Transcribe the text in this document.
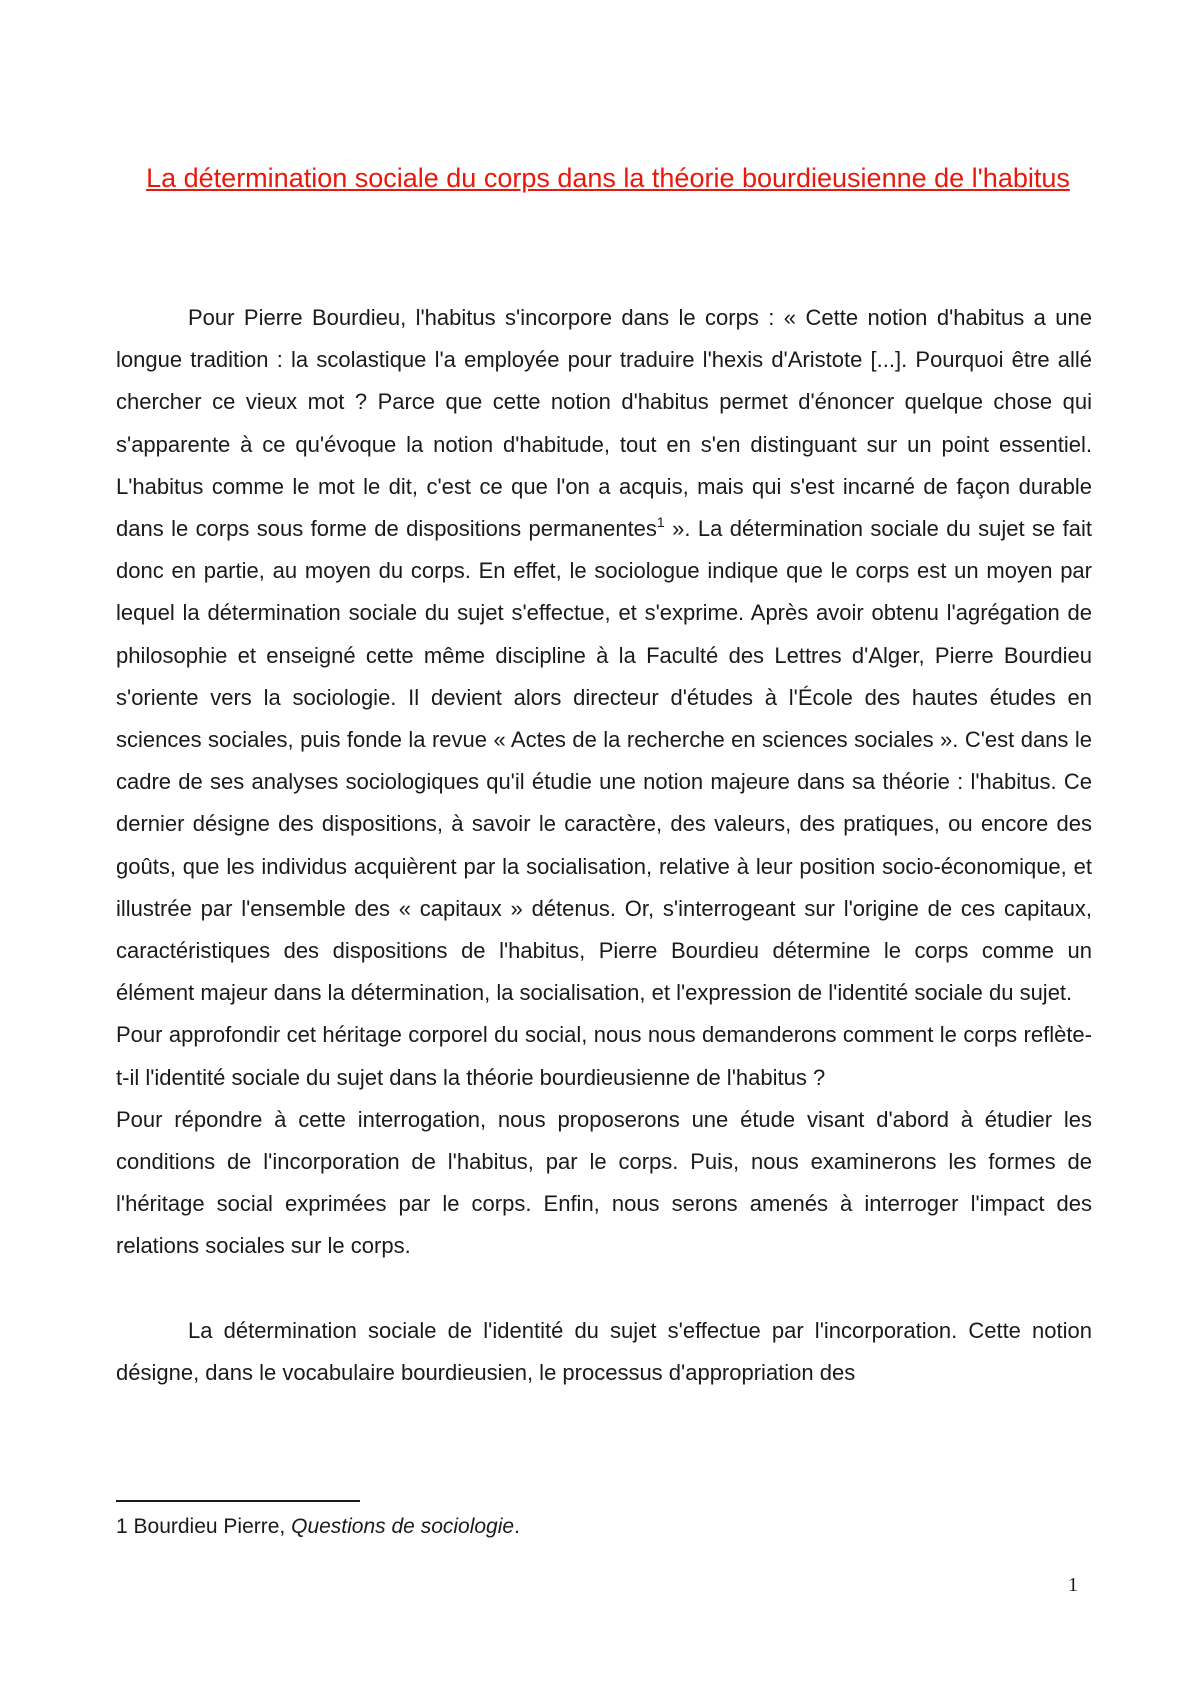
La détermination sociale du corps dans la théorie bourdieusienne de l'habitus

Pour Pierre Bourdieu, l'habitus s'incorpore dans le corps : « Cette notion d'habitus a une longue tradition : la scolastique l'a employée pour traduire l'hexis d'Aristote [...]. Pourquoi être allé chercher ce vieux mot ? Parce que cette notion d'habitus permet d'énoncer quelque chose qui s'apparente à ce qu'évoque la notion d'habitude, tout en s'en distinguant sur un point essentiel. L'habitus comme le mot le dit, c'est ce que l'on a acquis, mais qui s'est incarné de façon durable dans le corps sous forme de dispositions permanentes$^1$ ». La détermination sociale du sujet se fait donc en partie, au moyen du corps. En effet, le sociologue indique que le corps est un moyen par lequel la détermination sociale du sujet s'effectue, et s'exprime. Après avoir obtenu l'agrégation de philosophie et enseigné cette même discipline à la Faculté des Lettres d'Alger, Pierre Bourdieu s'oriente vers la sociologie. Il devient alors directeur d'études à l'École des hautes études en sciences sociales, puis fonde la revue « Actes de la recherche en sciences sociales ». C'est dans le cadre de ses analyses sociologiques qu'il étudie une notion majeure dans sa théorie : l'habitus. Ce dernier désigne des dispositions, à savoir le caractère, des valeurs, des pratiques, ou encore des goûts, que les individus acquièrent par la socialisation, relative à leur position socio-économique, et illustrée par l'ensemble des « capitaux » détenus. Or, s'interrogeant sur l'origine de ces capitaux, caractéristiques des dispositions de l'habitus, Pierre Bourdieu détermine le corps comme un élément majeur dans la détermination, la socialisation, et l'expression de l'identité sociale du sujet.

Pour approfondir cet héritage corporel du social, nous nous demanderons comment le corps reflète-t-il l'identité sociale du sujet dans la théorie bourdieusienne de l'habitus ?

Pour répondre à cette interrogation, nous proposerons une étude visant d'abord à étudier les conditions de l'incorporation de l'habitus, par le corps. Puis, nous examinerons les formes de l'héritage social exprimées par le corps. Enfin, nous serons amenés à interroger l'impact des relations sociales sur le corps.

La détermination sociale de l'identité du sujet s'effectue par l'incorporation. Cette notion désigne, dans le vocabulaire bourdieusien, le processus d'appropriation des

1 Bourdieu Pierre, Questions de sociologie.
1
